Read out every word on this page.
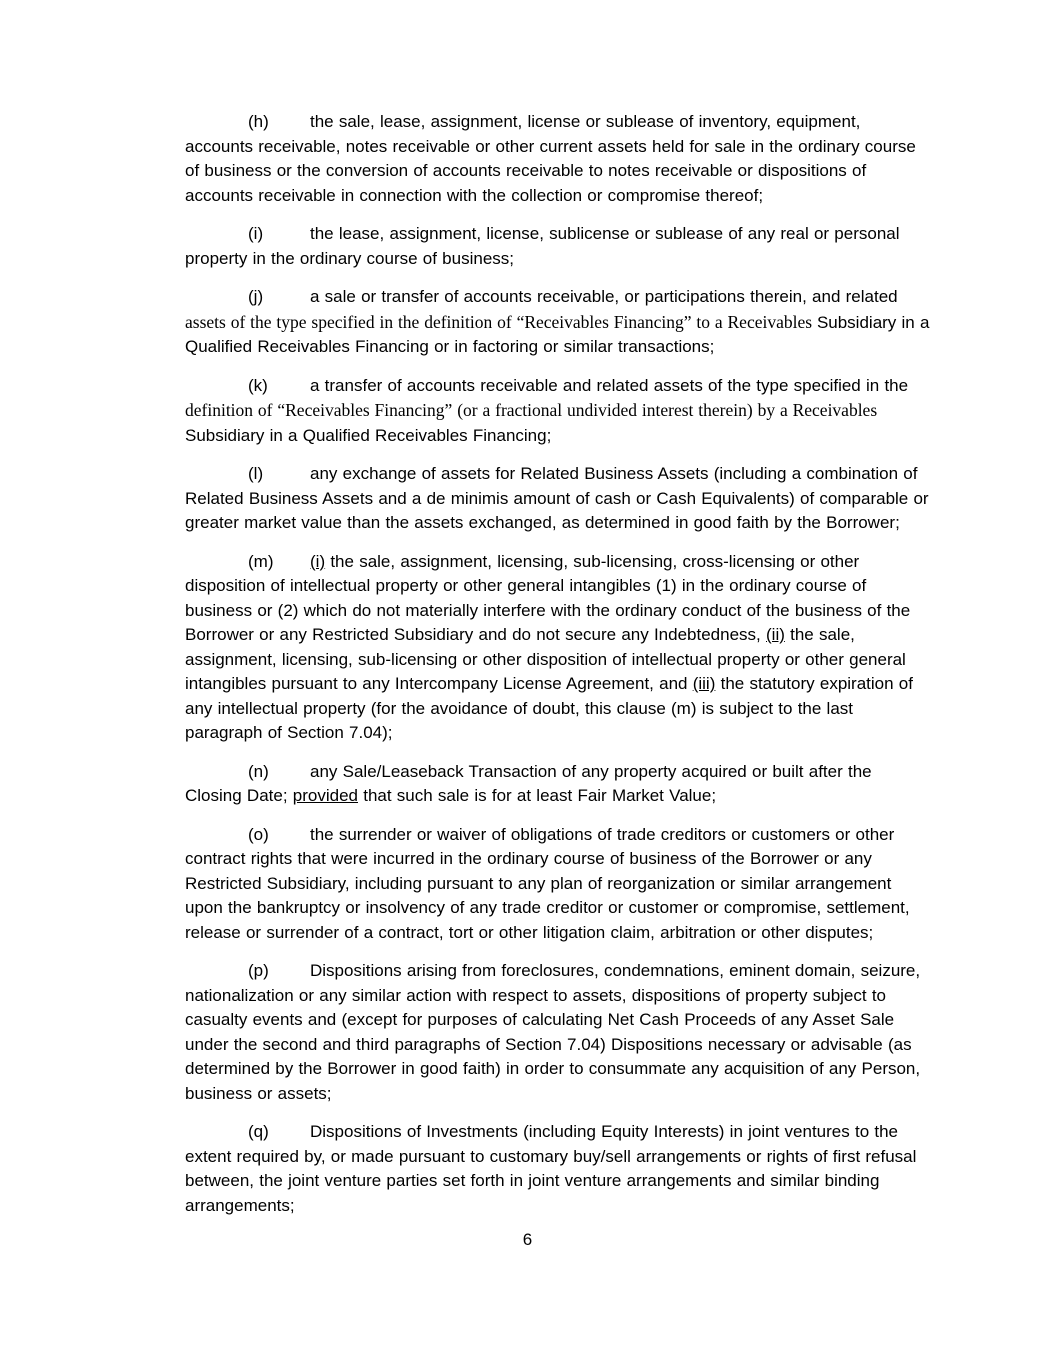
(h) the sale, lease, assignment, license or sublease of inventory, equipment, accounts receivable, notes receivable or other current assets held for sale in the ordinary course of business or the conversion of accounts receivable to notes receivable or dispositions of accounts receivable in connection with the collection or compromise thereof;

(i)	the lease, assignment, license, sublicense or sublease of any real or personal property in the ordinary course of business;

(j)	a sale or transfer of accounts receivable, or participations therein, and related assets of the type specified in the definition of “Receivables Financing” to a Receivables Subsidiary in a Qualified Receivables Financing or in factoring or similar transactions;

(k) a transfer of accounts receivable and related assets of the type specified in the definition of “Receivables Financing” (or a fractional undivided interest therein) by a Receivables Subsidiary in a Qualified Receivables Financing;

(l)	any exchange of assets for Related Business Assets (including a combination of Related Business Assets and a de minimis amount of cash or Cash Equivalents) of comparable or greater market value than the assets exchanged, as determined in good faith by the Borrower;

(m) (i) the sale, assignment, licensing, sub-licensing, cross-licensing or other disposition of intellectual property or other general intangibles (1) in the ordinary course of business or (2) which do not materially interfere with the ordinary conduct of the business of the Borrower or any Restricted Subsidiary and do not secure any Indebtedness, (ii) the sale, assignment, licensing, sub-licensing or other disposition of intellectual property or other general intangibles pursuant to any Intercompany License Agreement, and (iii) the statutory expiration of any intellectual property (for the avoidance of doubt, this clause (m) is subject to the last paragraph of Section 7.04);

(n) any Sale/Leaseback Transaction of any property acquired or built after the Closing Date; provided that such sale is for at least Fair Market Value;

(o) the surrender or waiver of obligations of trade creditors or customers or other contract rights that were incurred in the ordinary course of business of the Borrower or any Restricted Subsidiary, including pursuant to any plan of reorganization or similar arrangement upon the bankruptcy or insolvency of any trade creditor or customer or compromise, settlement, release or surrender of a contract, tort or other litigation claim, arbitration or other disputes;

(p) Dispositions arising from foreclosures, condemnations, eminent domain, seizure, nationalization or any similar action with respect to assets, dispositions of property subject to casualty events and (except for purposes of calculating Net Cash Proceeds of any Asset Sale under the second and third paragraphs of Section 7.04) Dispositions necessary or advisable (as determined by the Borrower in good faith) in order to consummate any acquisition of any Person, business or assets;

(q) Dispositions of Investments (including Equity Interests) in joint ventures to the extent required by, or made pursuant to customary buy/sell arrangements or rights of first refusal between, the joint venture parties set forth in joint venture arrangements and similar binding arrangements;

6
